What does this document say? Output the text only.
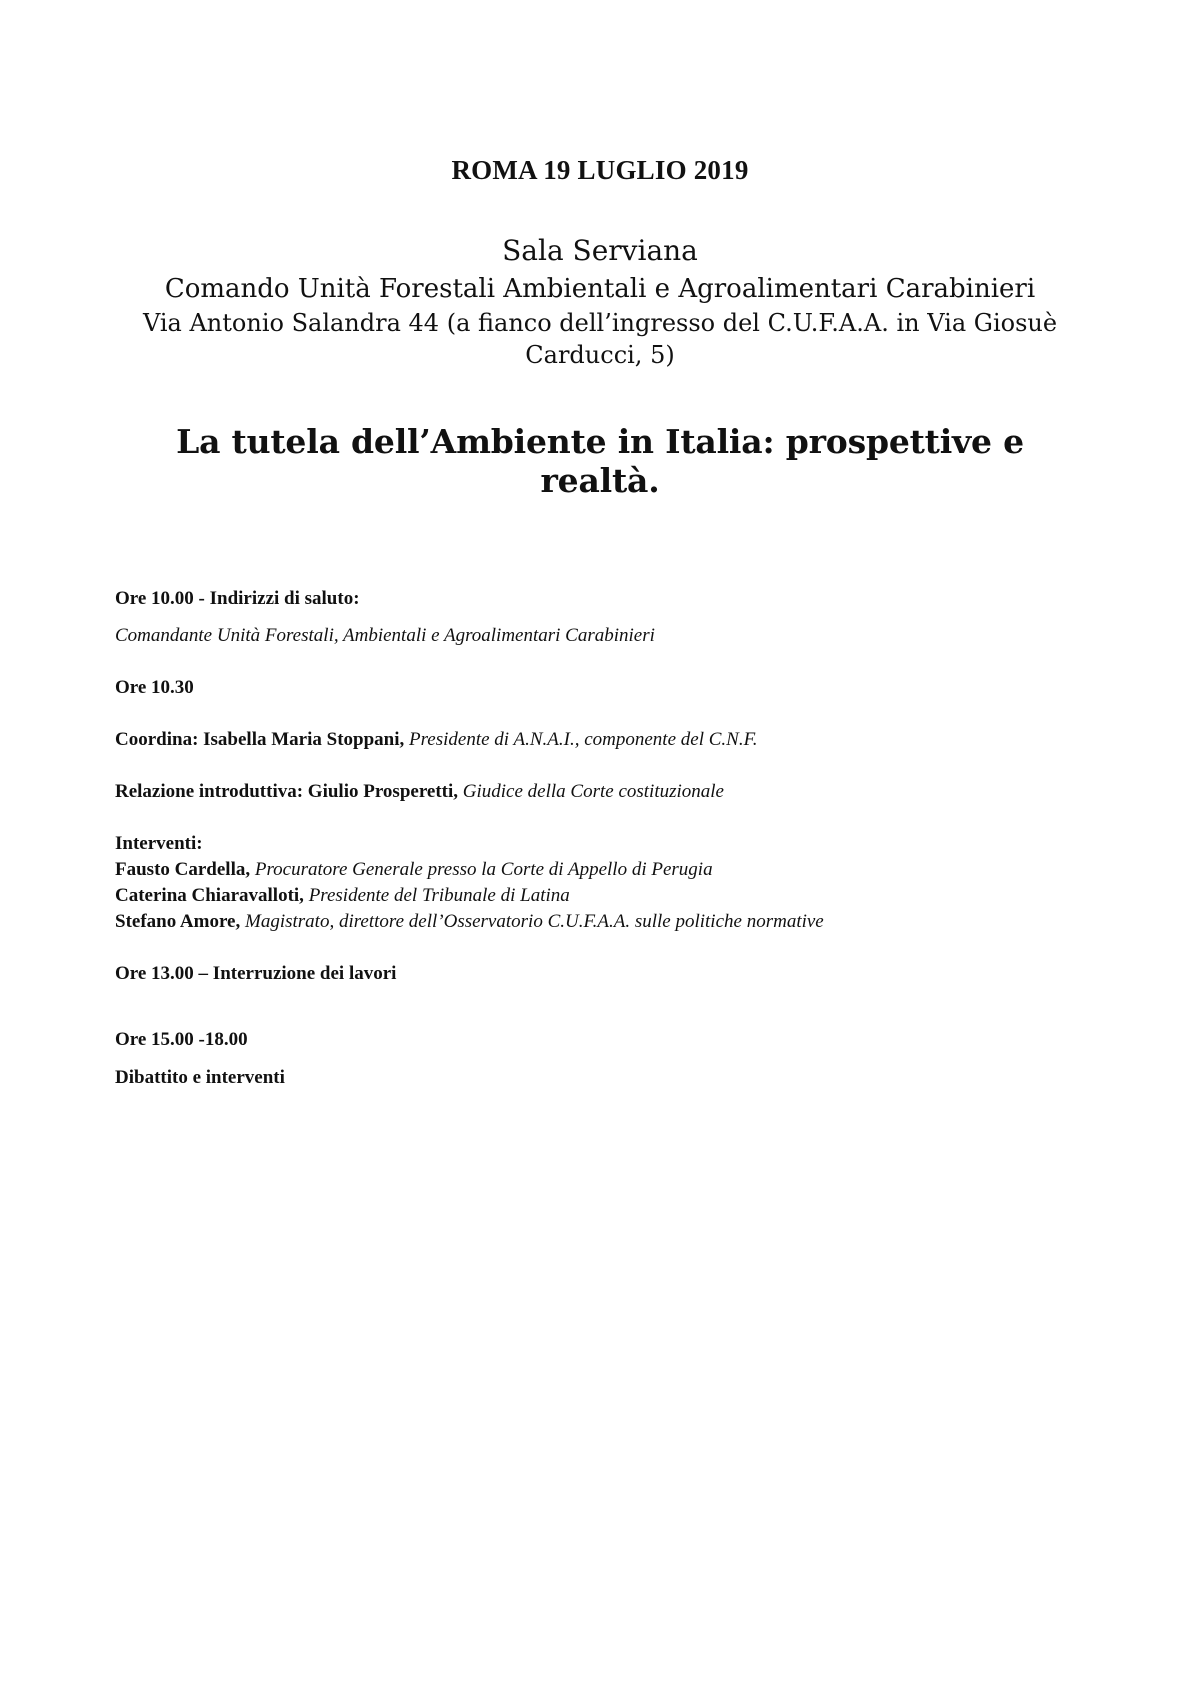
ROMA 19 LUGLIO 2019
Sala Serviana
Comando Unità Forestali Ambientali e Agroalimentari Carabinieri
Via Antonio Salandra 44 (a fianco dell’ingresso del C.U.F.A.A. in Via Giosuè Carducci, 5)
La tutela dell’Ambiente in Italia: prospettive e realtà.
Ore 10.00 - Indirizzi di saluto:
Comandante Unità Forestali, Ambientali e Agroalimentari Carabinieri
Ore 10.30
Coordina: Isabella Maria Stoppani, Presidente di A.N.A.I., componente del C.N.F.
Relazione introduttiva: Giulio Prosperetti, Giudice della Corte costituzionale
Interventi:
Fausto Cardella, Procuratore Generale presso la Corte di Appello di Perugia
Caterina Chiaravalloti, Presidente del Tribunale di Latina
Stefano Amore, Magistrato, direttore dell’Osservatorio C.U.F.A.A. sulle politiche normative
Ore 13.00 – Interruzione dei lavori
Ore 15.00 -18.00
Dibattito e interventi
